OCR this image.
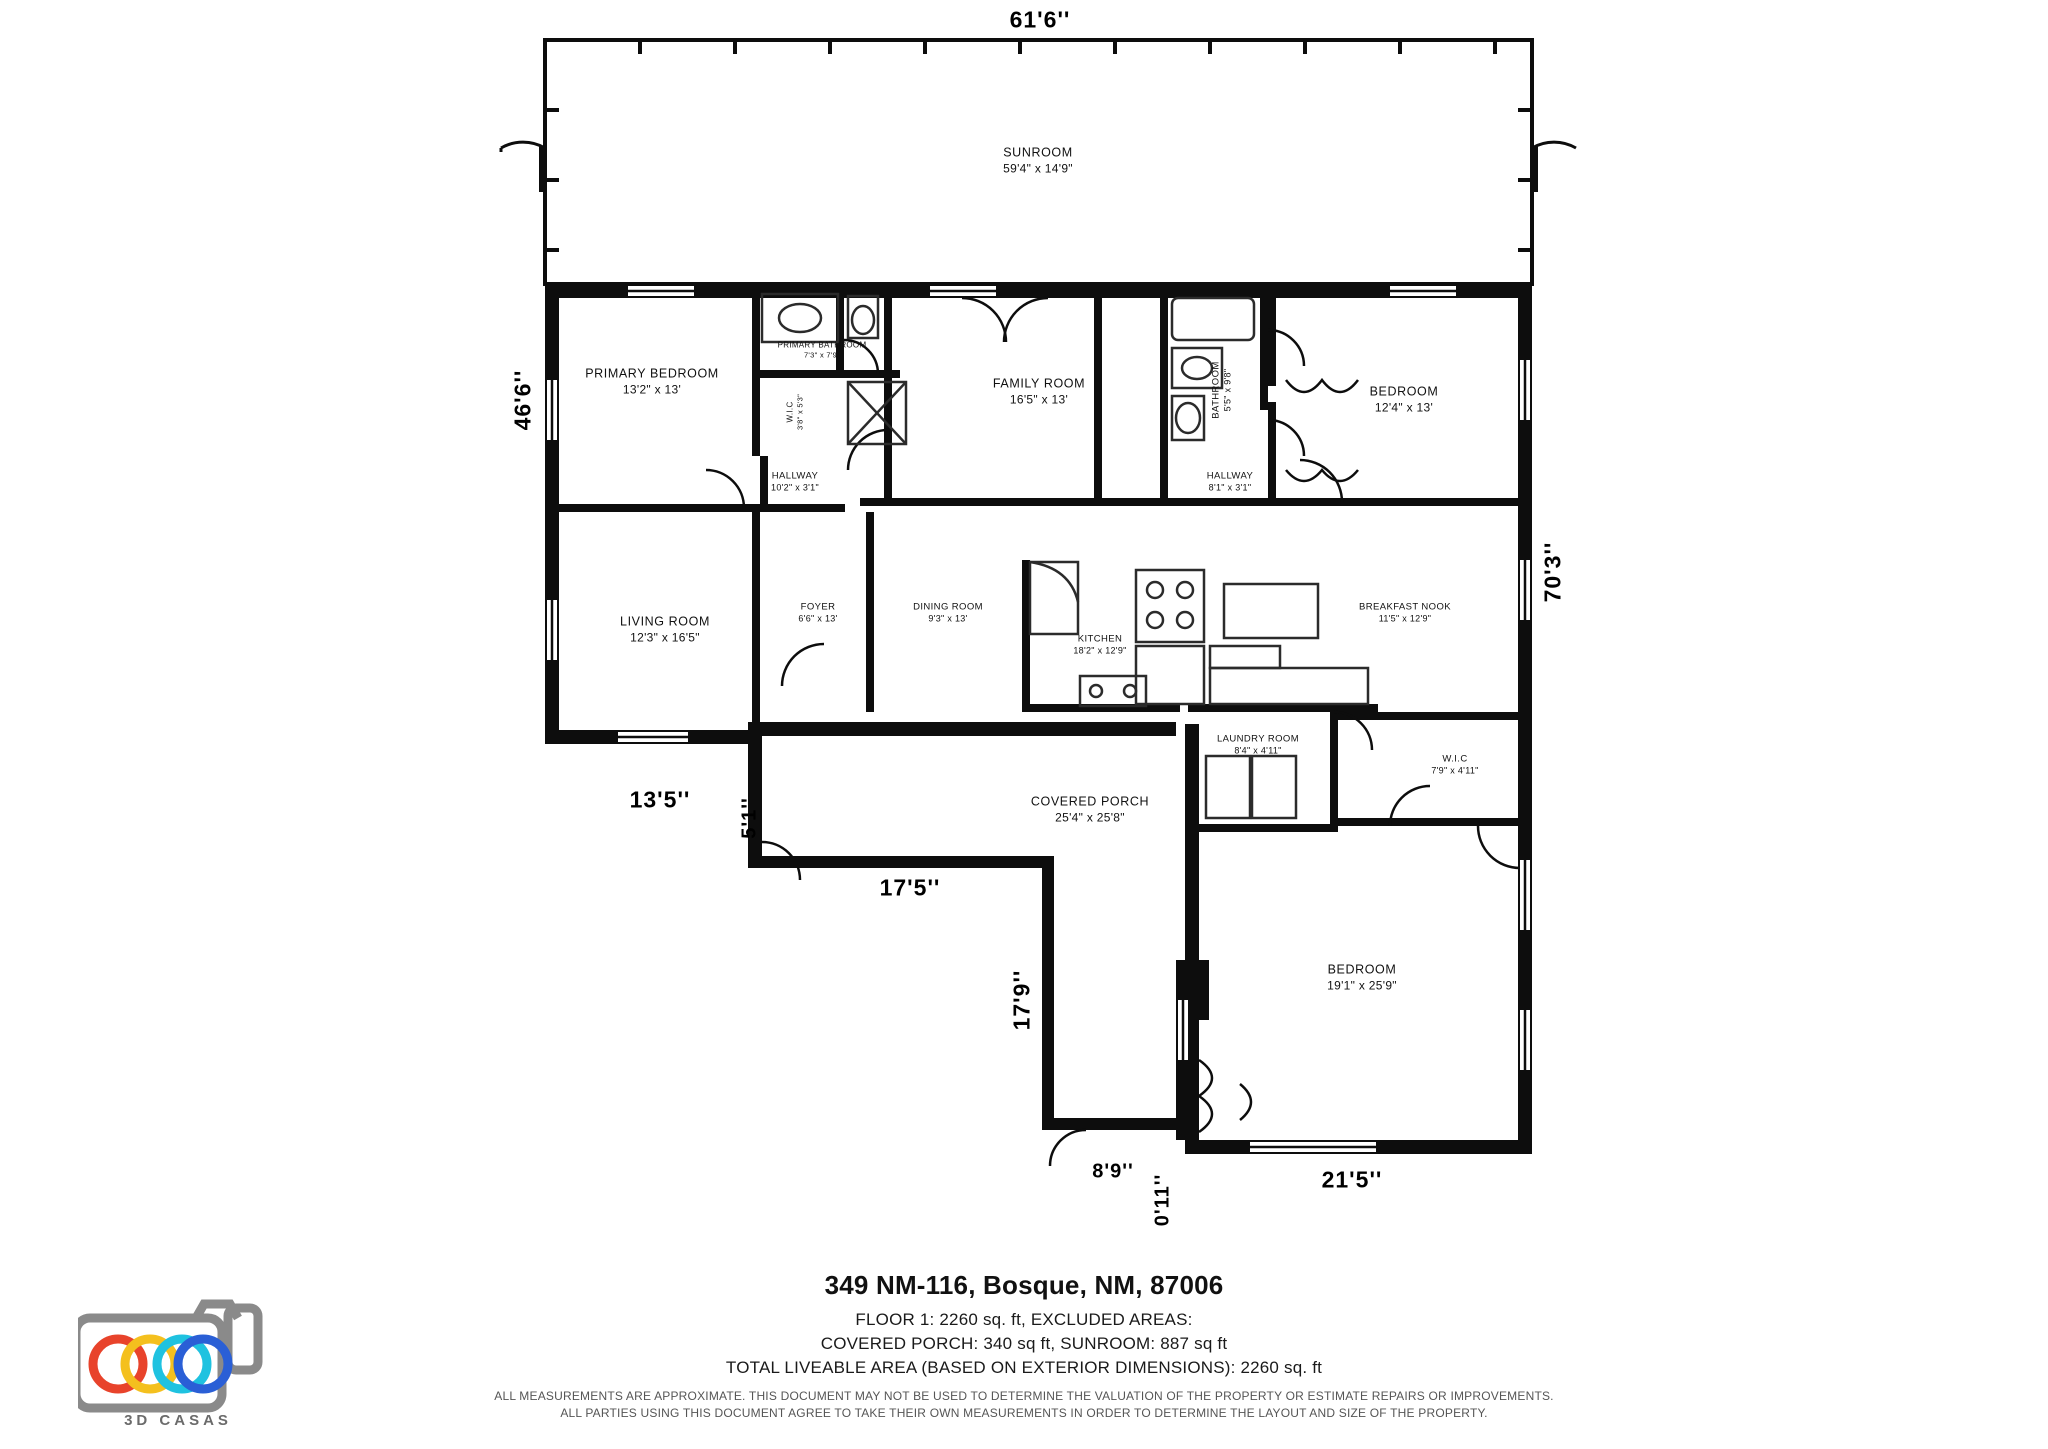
SUNROOM
59'4" x 14'9"
PRIMARY BEDROOM
13'2" x 13'
PRIMARY BATHROOM
7'3" x 7'9"
W.I.C 3'8" x 5'3"
FAMILY ROOM
16'5" x 13'	BATHROOM 5'5" x 9'8"	BEDROOM
12'4" x 13'
HALLWAY
10'2" x 3'1"
HALLWAY
8'1" x 3'1"
LIVING ROOM
12'3" x 16'5"
FOYER
6'6" x 13'
DINING ROOM
9'3" x 13'
KITCHEN
18'2" x 12'9"
BREAKFAST NOOK
11'5" x 12'9"
LAUNDRY ROOM
8'4" x 4'11"
W.I.C
7'9" x 4'11"
COVERED PORCH
25'4" x 25'8"
BEDROOM
19'1" x 25'9"
61'6''
46'6''
70'3''
13'5'' 5'1''
17'5''
17'9''
8'9''
0'11''	21'5''
3D CASAS
349 NM-116, Bosque, NM, 87006
FLOOR 1: 2260 sq. ft, EXCLUDED AREAS:
COVERED PORCH: 340 sq ft, SUNROOM: 887 sq ft
TOTAL LIVEABLE AREA (BASED ON EXTERIOR DIMENSIONS): 2260 sq. ft
ALL MEASUREMENTS ARE APPROXIMATE. THIS DOCUMENT MAY NOT BE USED TO DETERMINE THE VALUATION OF THE PROPERTY OR ESTIMATE REPAIRS OR IMPROVEMENTS.
ALL PARTIES USING THIS DOCUMENT AGREE TO TAKE THEIR OWN MEASUREMENTS IN ORDER TO DETERMINE THE LAYOUT AND SIZE OF THE PROPERTY.
